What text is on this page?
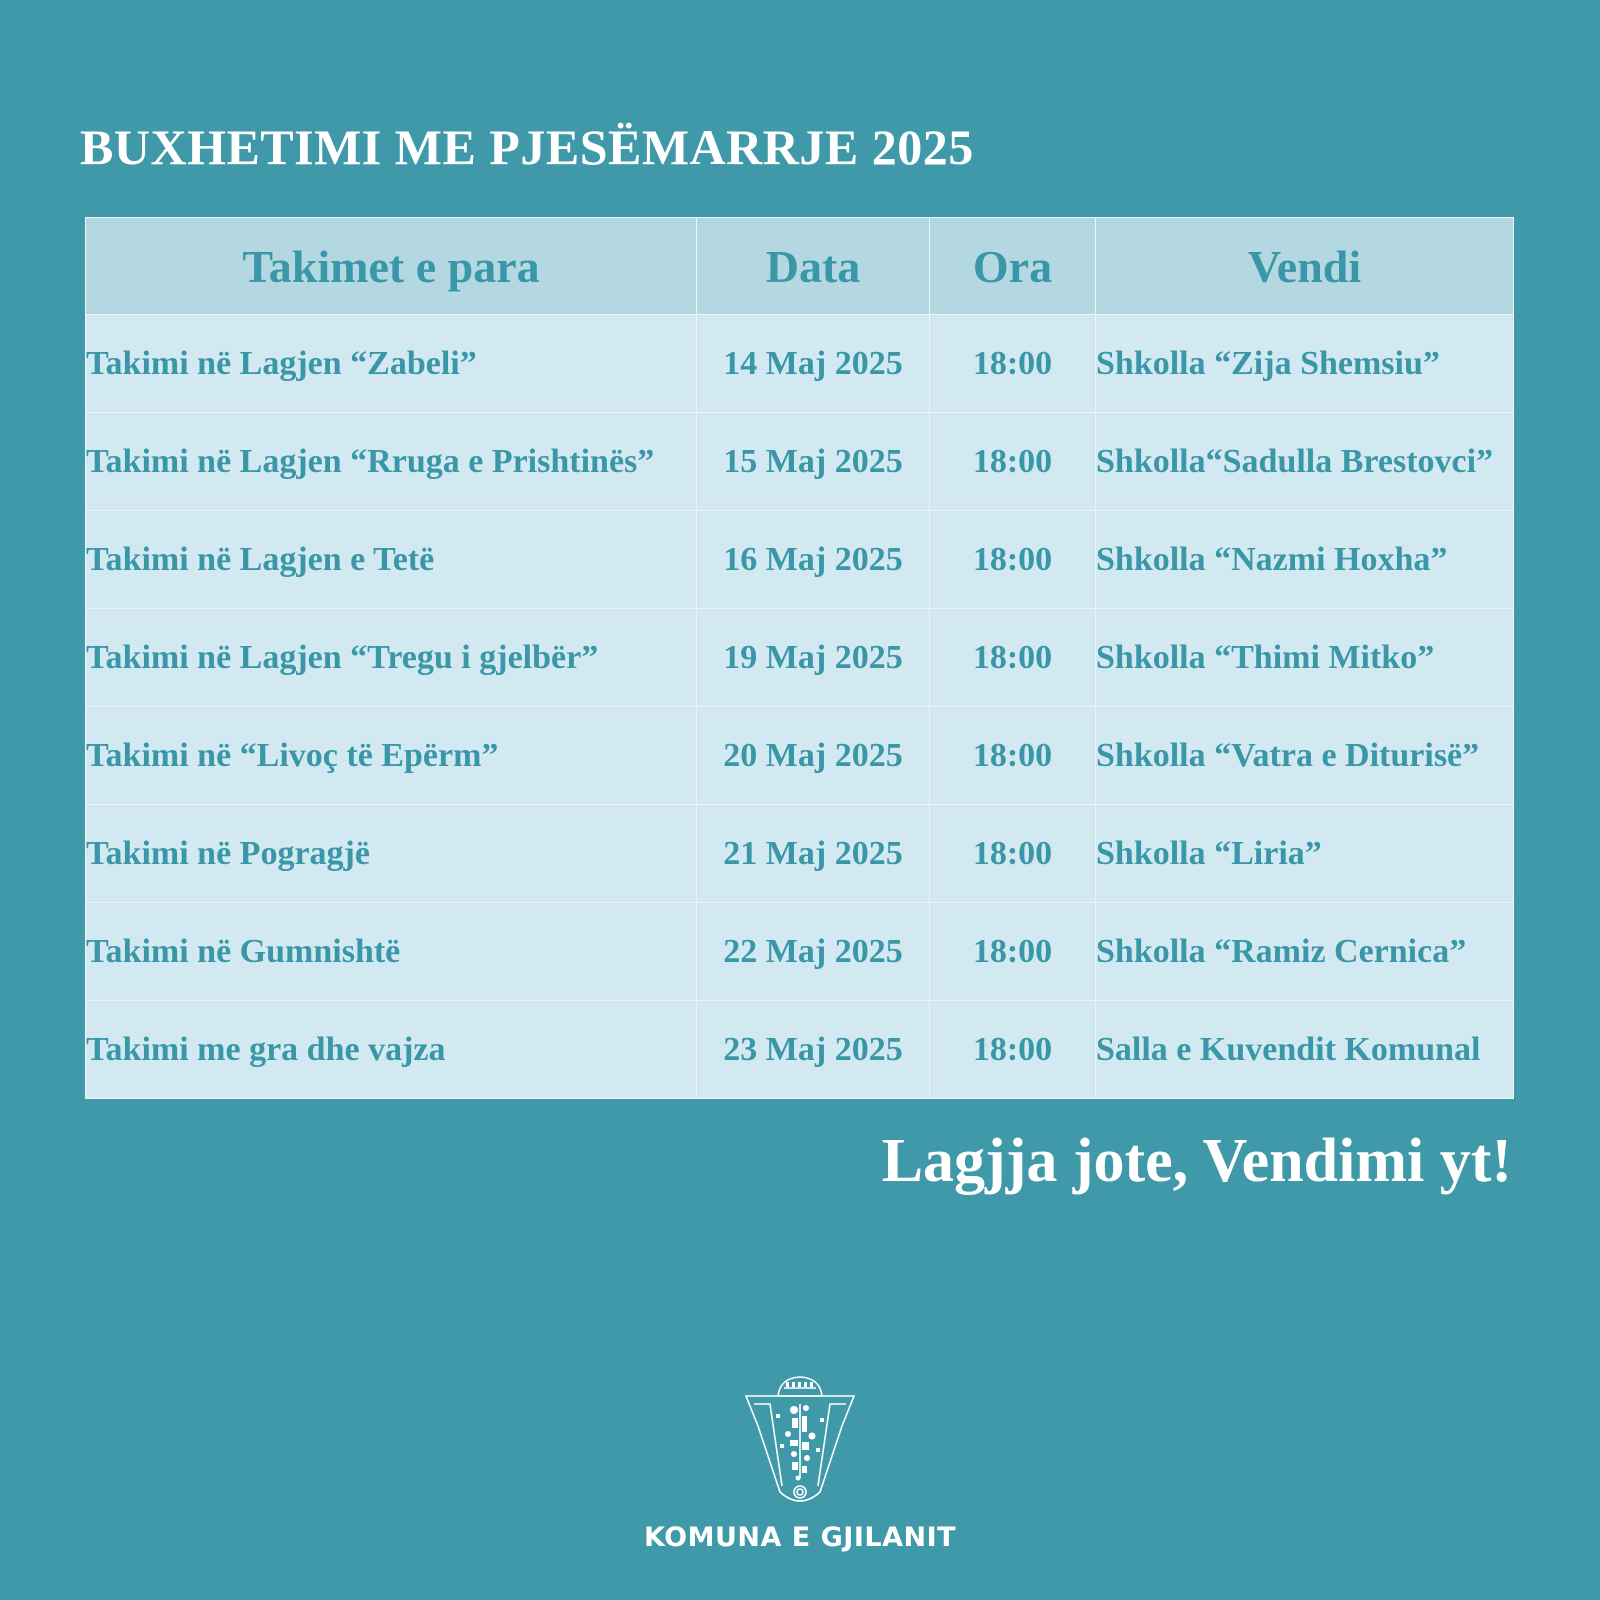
BUXHETIMI ME PJESËMARRJE 2025
Takimet e para	Data	Ora	Vendi
Takimi në Lagjen “Zabeli”	14 Maj 2025	18:00	Shkolla “Zija Shemsiu”
Takimi në Lagjen “Rruga e Prishtinës”	15 Maj 2025	18:00	Shkolla“Sadulla Brestovci”
Takimi në Lagjen e Tetë	16 Maj 2025	18:00	Shkolla “Nazmi Hoxha”
Takimi në Lagjen “Tregu i gjelbër”	19 Maj 2025	18:00	Shkolla “Thimi Mitko”
Takimi në “Livoç të Epërm”	20 Maj 2025	18:00	Shkolla “Vatra e Diturisë”
Takimi në Pogragjë	21 Maj 2025	18:00	Shkolla “Liria”
Takimi në Gumnishtë	22 Maj 2025	18:00	Shkolla “Ramiz Cernica”
Takimi me gra dhe vajza	23 Maj 2025	18:00	Salla e Kuvendit Komunal
Lagjja jote, Vendimi yt!
KOMUNA E GJILANIT
